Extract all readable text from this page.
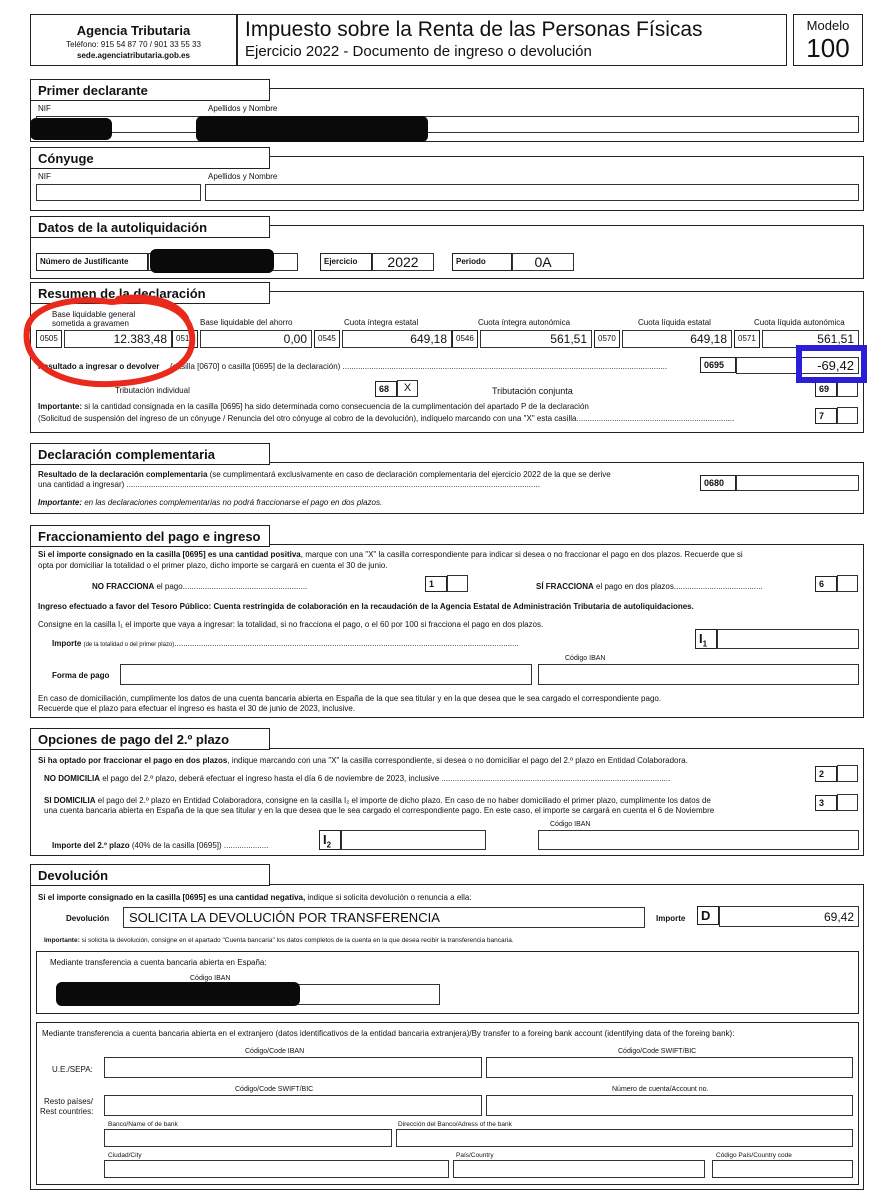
Agencia Tributaria
Teléfono: 915 54 87 70 / 901 33 55 33
sede.agenciatributaria.gob.es
Impuesto sobre la Renta de las Personas Físicas
Ejercicio 2022 - Documento de ingreso o devolución
Modelo
100
Primer declarante
NIF	Apellidos y Nombre
Cónyuge
NIF	Apellidos y Nombre
Datos de la autoliquidación
Número de Justificante	Ejercicio	2022	Periodo	0A
Resumen de la declaración
Base liquidable general
sometida a gravamen	Base liquidable del ahorro	Cuota íntegra estatal	Cuota íntegra autonómica	Cuota líquida estatal	Cuota líquida autonómica
0505	12.383,48	0510	0,00	0545	649,18	0546	561,51	0570	649,18	0571	561,51
Resultado a ingresar o devolver (casilla [0670] o casilla [0695] de la declaración) ..................................................................................................................................................	0695	-69,42
Tributación individual	68	X	Tributación conjunta	69
Importante: si la cantidad consignada en la casilla [0695] ha sido determinada como consecuencia de la cumplimentación del apartado P de la declaración
(Solicitud de suspensión del ingreso de un cónyuge / Renuncia del otro cónyuge al cobro de la devolución), indíquelo marcando con una "X" esta casilla.......................................................................	7
Declaración complementaria
Resultado de la declaración complementaria (se cumplimentará exclusivamente en caso de declaración complementaria del ejercicio 2022 de la que se derive
una cantidad a ingresar) ..........................................................................................................................................................................................	0680
Importante: en las declaraciones complementarias no podrá fraccionarse el pago en dos plazos.
Fraccionamiento del pago e ingreso
Si el importe consignado en la casilla [0695] es una cantidad positiva, marque con una "X" la casilla correspondiente para indicar si desea o no fraccionar el pago en dos plazos. Recuerde que si
opta por domiciliar la totalidad o el primer plazo, dicho importe se cargará en cuenta el 30 de junio.
NO FRACCIONA el pago........................................................	1	SÍ FRACCIONA el pago en dos plazos........................................	6
Ingreso efectuado a favor del Tesoro Público: Cuenta restringida de colaboración en la recaudación de la Agencia Estatal de Administración Tributaria de autoliquidaciones.
Consigne en la casilla I₁ el importe que vaya a ingresar: la totalidad, si no fracciona el pago, o el 60 por 100 si fracciona el pago en dos plazos.
Importe (de la totalidad o del primer plazo)...........................................................................................................................................................	$I_1$
Forma de pago
Código IBAN
En caso de domiciliación, cumplimente los datos de una cuenta bancaria abierta en España de la que sea titular y en la que desea que le sea cargado el correspondiente pago.
Recuerde que el plazo para efectuar el ingreso es hasta el 30 de junio de 2023, inclusive.
Opciones de pago del 2.º plazo
Si ha optado por fraccionar el pago en dos plazos, indique marcando con una "X" la casilla correspondiente, si desea o no domiciliar el pago del 2.º plazo en Entidad Colaboradora.
NO DOMICILIA el pago del 2.º plazo, deberá efectuar el ingreso hasta el día 6 de noviembre de 2023, inclusive .......................................................................................................	2
SI DOMICILIA el pago del 2.º plazo en Entidad Colaboradora, consigne en la casilla I₂ el importe de dicho plazo. En caso de no haber domiciliado el primer plazo, cumplimente los datos de
una cuenta bancaria abierta en España de la que sea titular y en la que desea que le sea cargado el correspondiente pago. En este caso, el importe se cargará en cuenta el 6 de Noviembre
3
Código IBAN
Importe del 2.º plazo (40% de la casilla [0695]) ....................	$I_2$
Devolución
Si el importe consignado en la casilla [0695] es una cantidad negativa, indique si solicita devolución o renuncia a ella:
Devolución	SOLICITA LA DEVOLUCIÓN POR TRANSFERENCIA	Importe	D	69,42
Importante: si solicita la devolución, consigne en el apartado "Cuenta bancaria" los datos completos de la cuenta en la que desea recibir la transferencia bancaria.
Mediante transferencia a cuenta bancaria abierta en España:
Código IBAN
Mediante transferencia a cuenta bancaria abierta en el extranjero (datos identificativos de la entidad bancaria extranjera)/By transfer to a foreing bank account (identifying data of the foreing bank):
Código/Code IBAN	Código/Code SWIFT/BIC
U.E./SEPA:
Código/Code SWIFT/BIC	Número de cuenta/Account no.
Resto países/
Rest countries:
Banco/Name of de bank	Dirección del Banco/Adress of the bank
Ciudad/City	País/Country	Código País/Country code
